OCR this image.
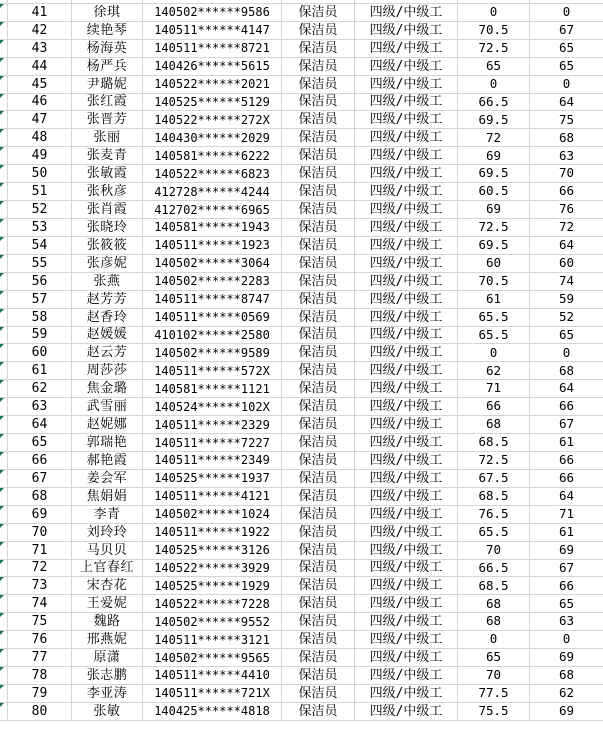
41	徐琪	140502******9586	保洁员	四级/中级工	0	0
42	续艳琴	140511******4147	保洁员	四级/中级工	70.5	67
43	杨海英	140511******8721	保洁员	四级/中级工	72.5	65
44	杨严兵	140426******5615	保洁员	四级/中级工	65	65
45	尹璐妮	140522******2021	保洁员	四级/中级工	0	0
46	张红霞	140525******5129	保洁员	四级/中级工	66.5	64
47	张晋芳	140522******272X	保洁员	四级/中级工	69.5	75
48	张丽	140430******2029	保洁员	四级/中级工	72	68
49	张麦青	140581******6222	保洁员	四级/中级工	69	63
50	张敏霞	140522******6823	保洁员	四级/中级工	69.5	70
51	张秋彦	412728******4244	保洁员	四级/中级工	60.5	66
52	张肖霞	412702******6965	保洁员	四级/中级工	69	76
53	张晓玲	140581******1943	保洁员	四级/中级工	72.5	72
54	张筱筱	140511******1923	保洁员	四级/中级工	69.5	64
55	张彦妮	140502******3064	保洁员	四级/中级工	60	60
56	张燕	140502******2283	保洁员	四级/中级工	70.5	74
57	赵芳芳	140511******8747	保洁员	四级/中级工	61	59
58	赵香玲	140511******0569	保洁员	四级/中级工	65.5	52
59	赵媛媛	410102******2580	保洁员	四级/中级工	65.5	65
60	赵云芳	140502******9589	保洁员	四级/中级工	0	0
61	周莎莎	140511******572X	保洁员	四级/中级工	62	68
62	焦金璐	140581******1121	保洁员	四级/中级工	71	64
63	武雪丽	140524******102X	保洁员	四级/中级工	66	66
64	赵妮娜	140511******2329	保洁员	四级/中级工	68	67
65	郭瑞艳	140511******7227	保洁员	四级/中级工	68.5	61
66	郝艳霞	140511******2349	保洁员	四级/中级工	72.5	66
67	姜会军	140525******1937	保洁员	四级/中级工	67.5	66
68	焦娟娟	140511******4121	保洁员	四级/中级工	68.5	64
69	李青	140502******1024	保洁员	四级/中级工	76.5	71
70	刘玲玲	140511******1922	保洁员	四级/中级工	65.5	61
71	马贝贝	140525******3126	保洁员	四级/中级工	70	69
72	上官春红	140522******3929	保洁员	四级/中级工	66.5	67
73	宋杏花	140525******1929	保洁员	四级/中级工	68.5	66
74	王爱妮	140522******7228	保洁员	四级/中级工	68	65
75	魏路	140502******9552	保洁员	四级/中级工	68	63
76	邢燕妮	140511******3121	保洁员	四级/中级工	0	0
77	原潇	140502******9565	保洁员	四级/中级工	65	69
78	张志鹏	140511******4410	保洁员	四级/中级工	70	68
79	李亚涛	140511******721X	保洁员	四级/中级工	77.5	62
80	张敏	140425******4818	保洁员	四级/中级工	75.5	69
